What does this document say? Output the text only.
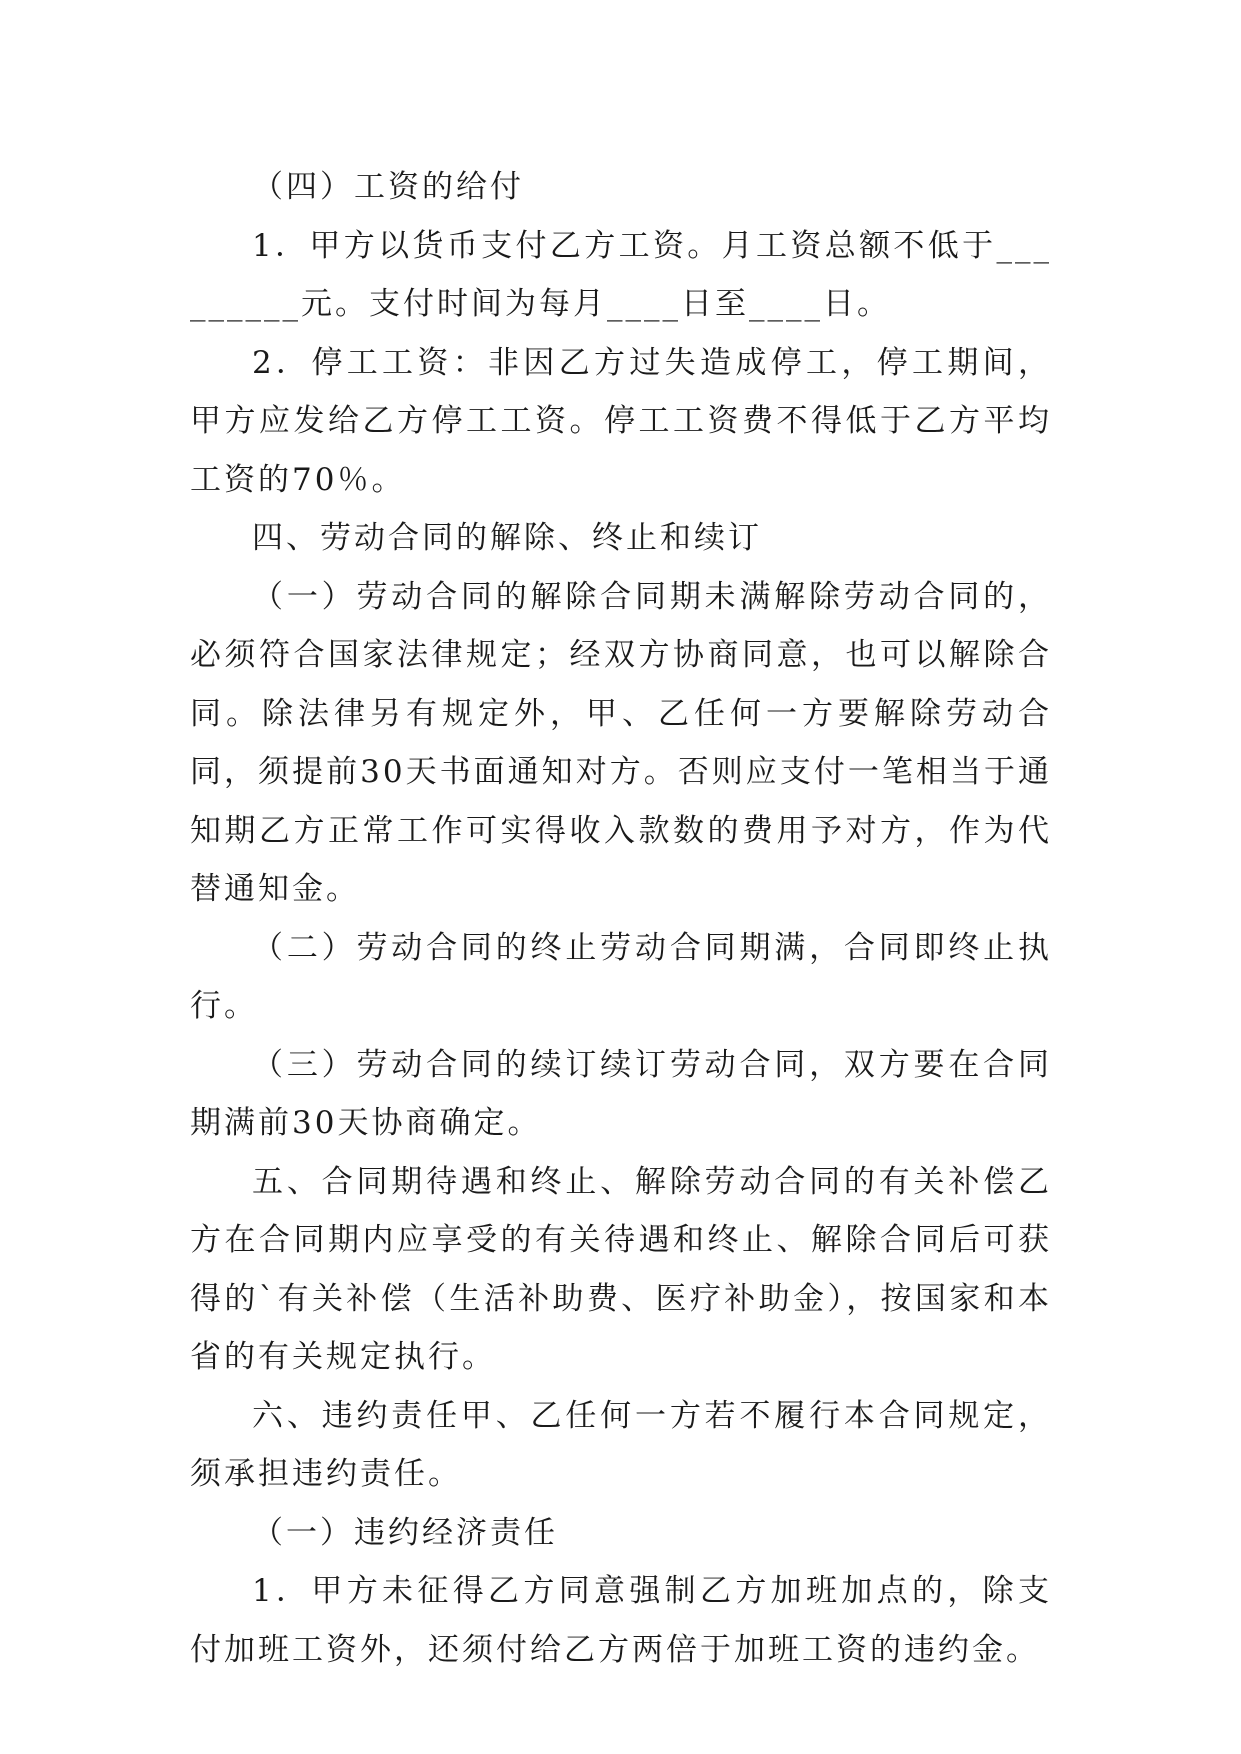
（四）工资的给付

1．甲方以货币支付乙方工资。月工资总额不低于_________元。支付时间为每月____日至____日。

2．停工工资：非因乙方过失造成停工，停工期间，甲方应发给乙方停工工资。停工工资费不得低于乙方平均工资的70％。

四、劳动合同的解除、终止和续订

（一）劳动合同的解除合同期未满解除劳动合同的，必须符合国家法律规定；经双方协商同意，也可以解除合同。除法律另有规定外，甲、乙任何一方要解除劳动合同，须提前30天书面通知对方。否则应支付一笔相当于通知期乙方正常工作可实得收入款数的费用予对方，作为代替通知金。

（二）劳动合同的终止劳动合同期满，合同即终止执行。

（三）劳动合同的续订续订劳动合同，双方要在合同期满前30天协商确定。

五、合同期待遇和终止、解除劳动合同的有关补偿乙方在合同期内应享受的有关待遇和终止、解除合同后可获得的`有关补偿（生活补助费、医疗补助金），按国家和本省的有关规定执行。

六、违约责任甲、乙任何一方若不履行本合同规定，须承担违约责任。

（一）违约经济责任

1．甲方未征得乙方同意强制乙方加班加点的，除支付加班工资外，还须付给乙方两倍于加班工资的违约金。
